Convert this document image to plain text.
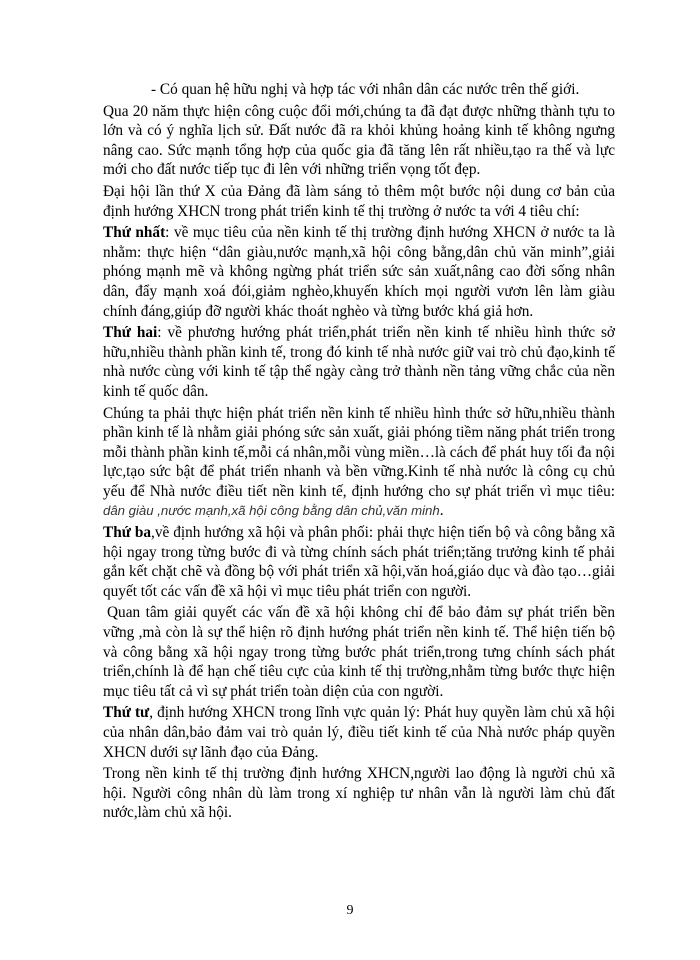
- Có quan hệ hữu nghị và hợp tác với nhân dân các nước trên thế giới.

Qua 20 năm thực hiện công cuộc đổi mới,chúng ta đã đạt được những thành tựu to lớn và có ý nghĩa lịch sử. Đất nước đã ra khỏi khủng hoảng kinh tế không ngưng nâng cao. Sức mạnh tổng hợp của quốc gia đã tăng lên rất nhiều,tạo ra thế và lực mới cho đất nước tiếp tục đi lên với những triển vọng tốt đẹp.

Đại hội lần thứ X của Đảng đã làm sáng tỏ thêm một bước nội dung cơ bản của định hướng XHCN trong phát triển kinh tế thị trường ở nước ta với 4 tiêu chí:

Thứ nhất: về mục tiêu của nền kinh tế thị trường định hướng XHCN ở nước ta là nhằm: thực hiện “dân giàu,nước mạnh,xã hội công bằng,dân chủ văn minh”,giải phóng mạnh mẽ và không ngừng phát triển sức sản xuất,nâng cao đời sống nhân dân, đẩy mạnh xoá đói,giảm nghèo,khuyến khích mọi người vươn lên làm giàu chính đáng,giúp đỡ người khác thoát nghèo và từng bước khá giả hơn.

Thứ hai: về phương hướng phát triển,phát triển nền kinh tế nhiều hình thức sở hữu,nhiều thành phần kinh tế, trong đó kinh tế nhà nước giữ vai trò chủ đạo,kinh tế nhà nước cùng với kinh tế tập thể ngày càng trở thành nền tảng vững chắc của nền kinh tế quốc dân.

Chúng ta phải thực hiện phát triển nền kinh tế nhiều hình thức sở hữu,nhiều thành phần kinh tế là nhằm giải phóng sức sản xuất, giải phóng tiềm năng phát triển trong mỗi thành phần kinh tế,mỗi cá nhân,mỗi vùng miền…là cách để phát huy tối đa nội lực,tạo sức bật để phát triển nhanh và bền vững.Kinh tế nhà nước là công cụ chủ yếu để Nhà nước điều tiết nền kinh tế, định hướng cho sự phát triển vì mục tiêu: dân giàu ,nước mạnh,xã hội công bằng dân chủ,văn minh.

Thứ ba,về định hướng xã hội và phân phối: phải thực hiện tiến bộ và công bằng xã hội ngay trong từng bước đi và từng chính sách phát triển;tăng trưởng kinh tế phải gắn kết chặt chẽ và đồng bộ với phát triển xã hội,văn hoá,giáo dục và đào tạo…giải quyết tốt các vấn đề xã hội vì mục tiêu phát triển con người.

Quan tâm giải quyết các vấn đề xã hội không chỉ để bảo đảm sự phát triển bền vững ,mà còn là sự thể hiện rõ định hướng phát triển nền kinh tế. Thể hiện tiến bộ và công bằng xã hội ngay trong từng bước phát triển,trong tưng chính sách phát triển,chính là để hạn chế tiêu cực của kinh tế thị trường,nhằm từng bước thực hiện mục tiêu tất cả vì sự phát triển toàn diện của con người.

Thứ tư, định hướng XHCN trong lĩnh vực quản lý: Phát huy quyền làm chủ xã hội của nhân dân,bảo đảm vai trò quản lý, điều tiết kinh tế của Nhà nước pháp quyền XHCN dưới sự lãnh đạo của Đảng.

Trong nền kinh tế thị trường định hướng XHCN,người lao động là người chủ xã hội. Người công nhân dù làm trong xí nghiệp tư nhân vẫn là người làm chủ đất nước,làm chủ xã hội.

9
